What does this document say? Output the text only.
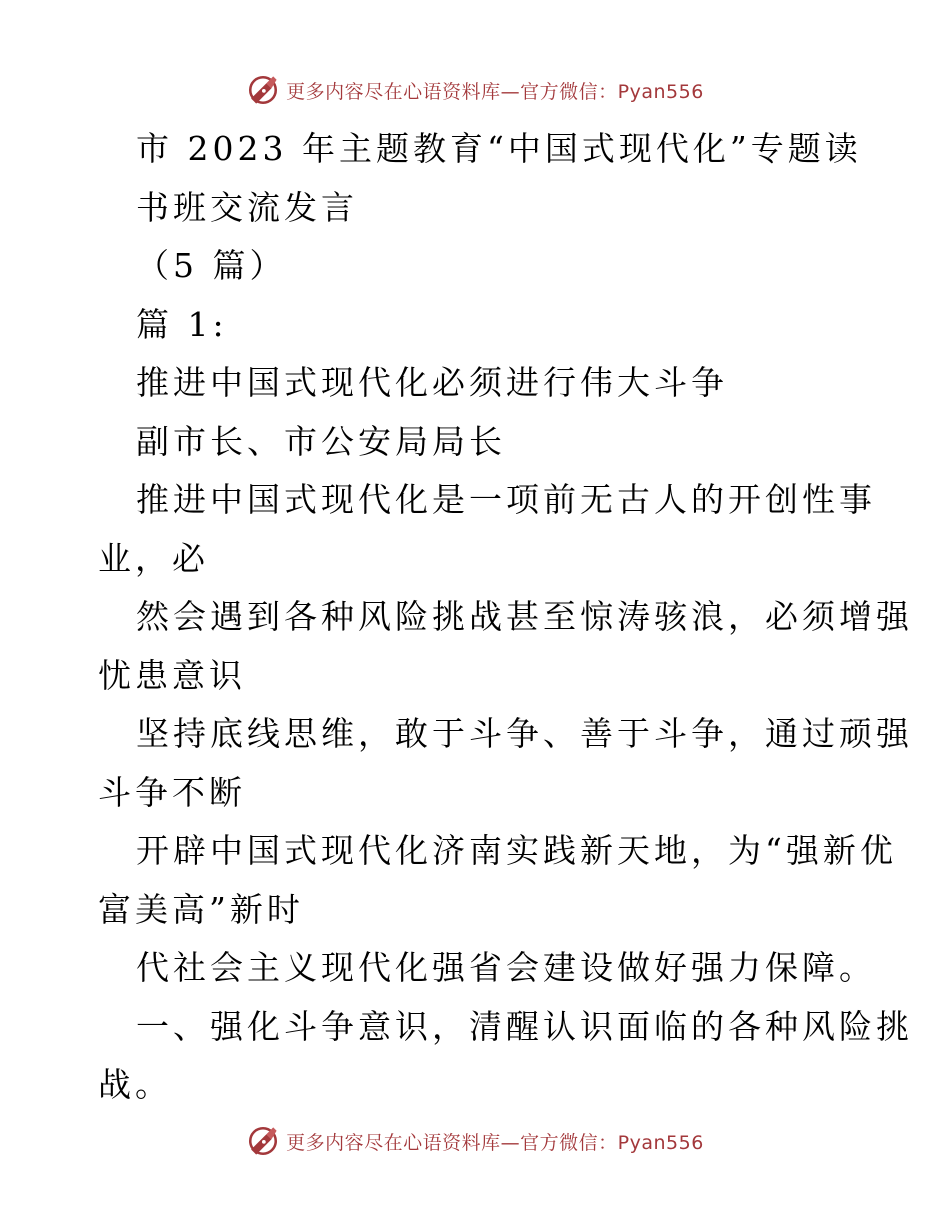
更多内容尽在心语资料库—官方微信：Pyan556

市 2023 年主题教育“中国式现代化”专题读

书班交流发言

（5 篇）

篇 1:

推进中国式现代化必须进行伟大斗争

副市长、市公安局局长

推进中国式现代化是一项前无古人的开创性事

业，必

然会遇到各种风险挑战甚至惊涛骇浪，必须增强

忧患意识

坚持底线思维，敢于斗争、善于斗争，通过顽强

斗争不断

开辟中国式现代化济南实践新天地，为“强新优

富美高”新时

代社会主义现代化强省会建设做好强力保障。

一、强化斗争意识，清醒认识面临的各种风险挑

战。

更多内容尽在心语资料库—官方微信：Pyan556
